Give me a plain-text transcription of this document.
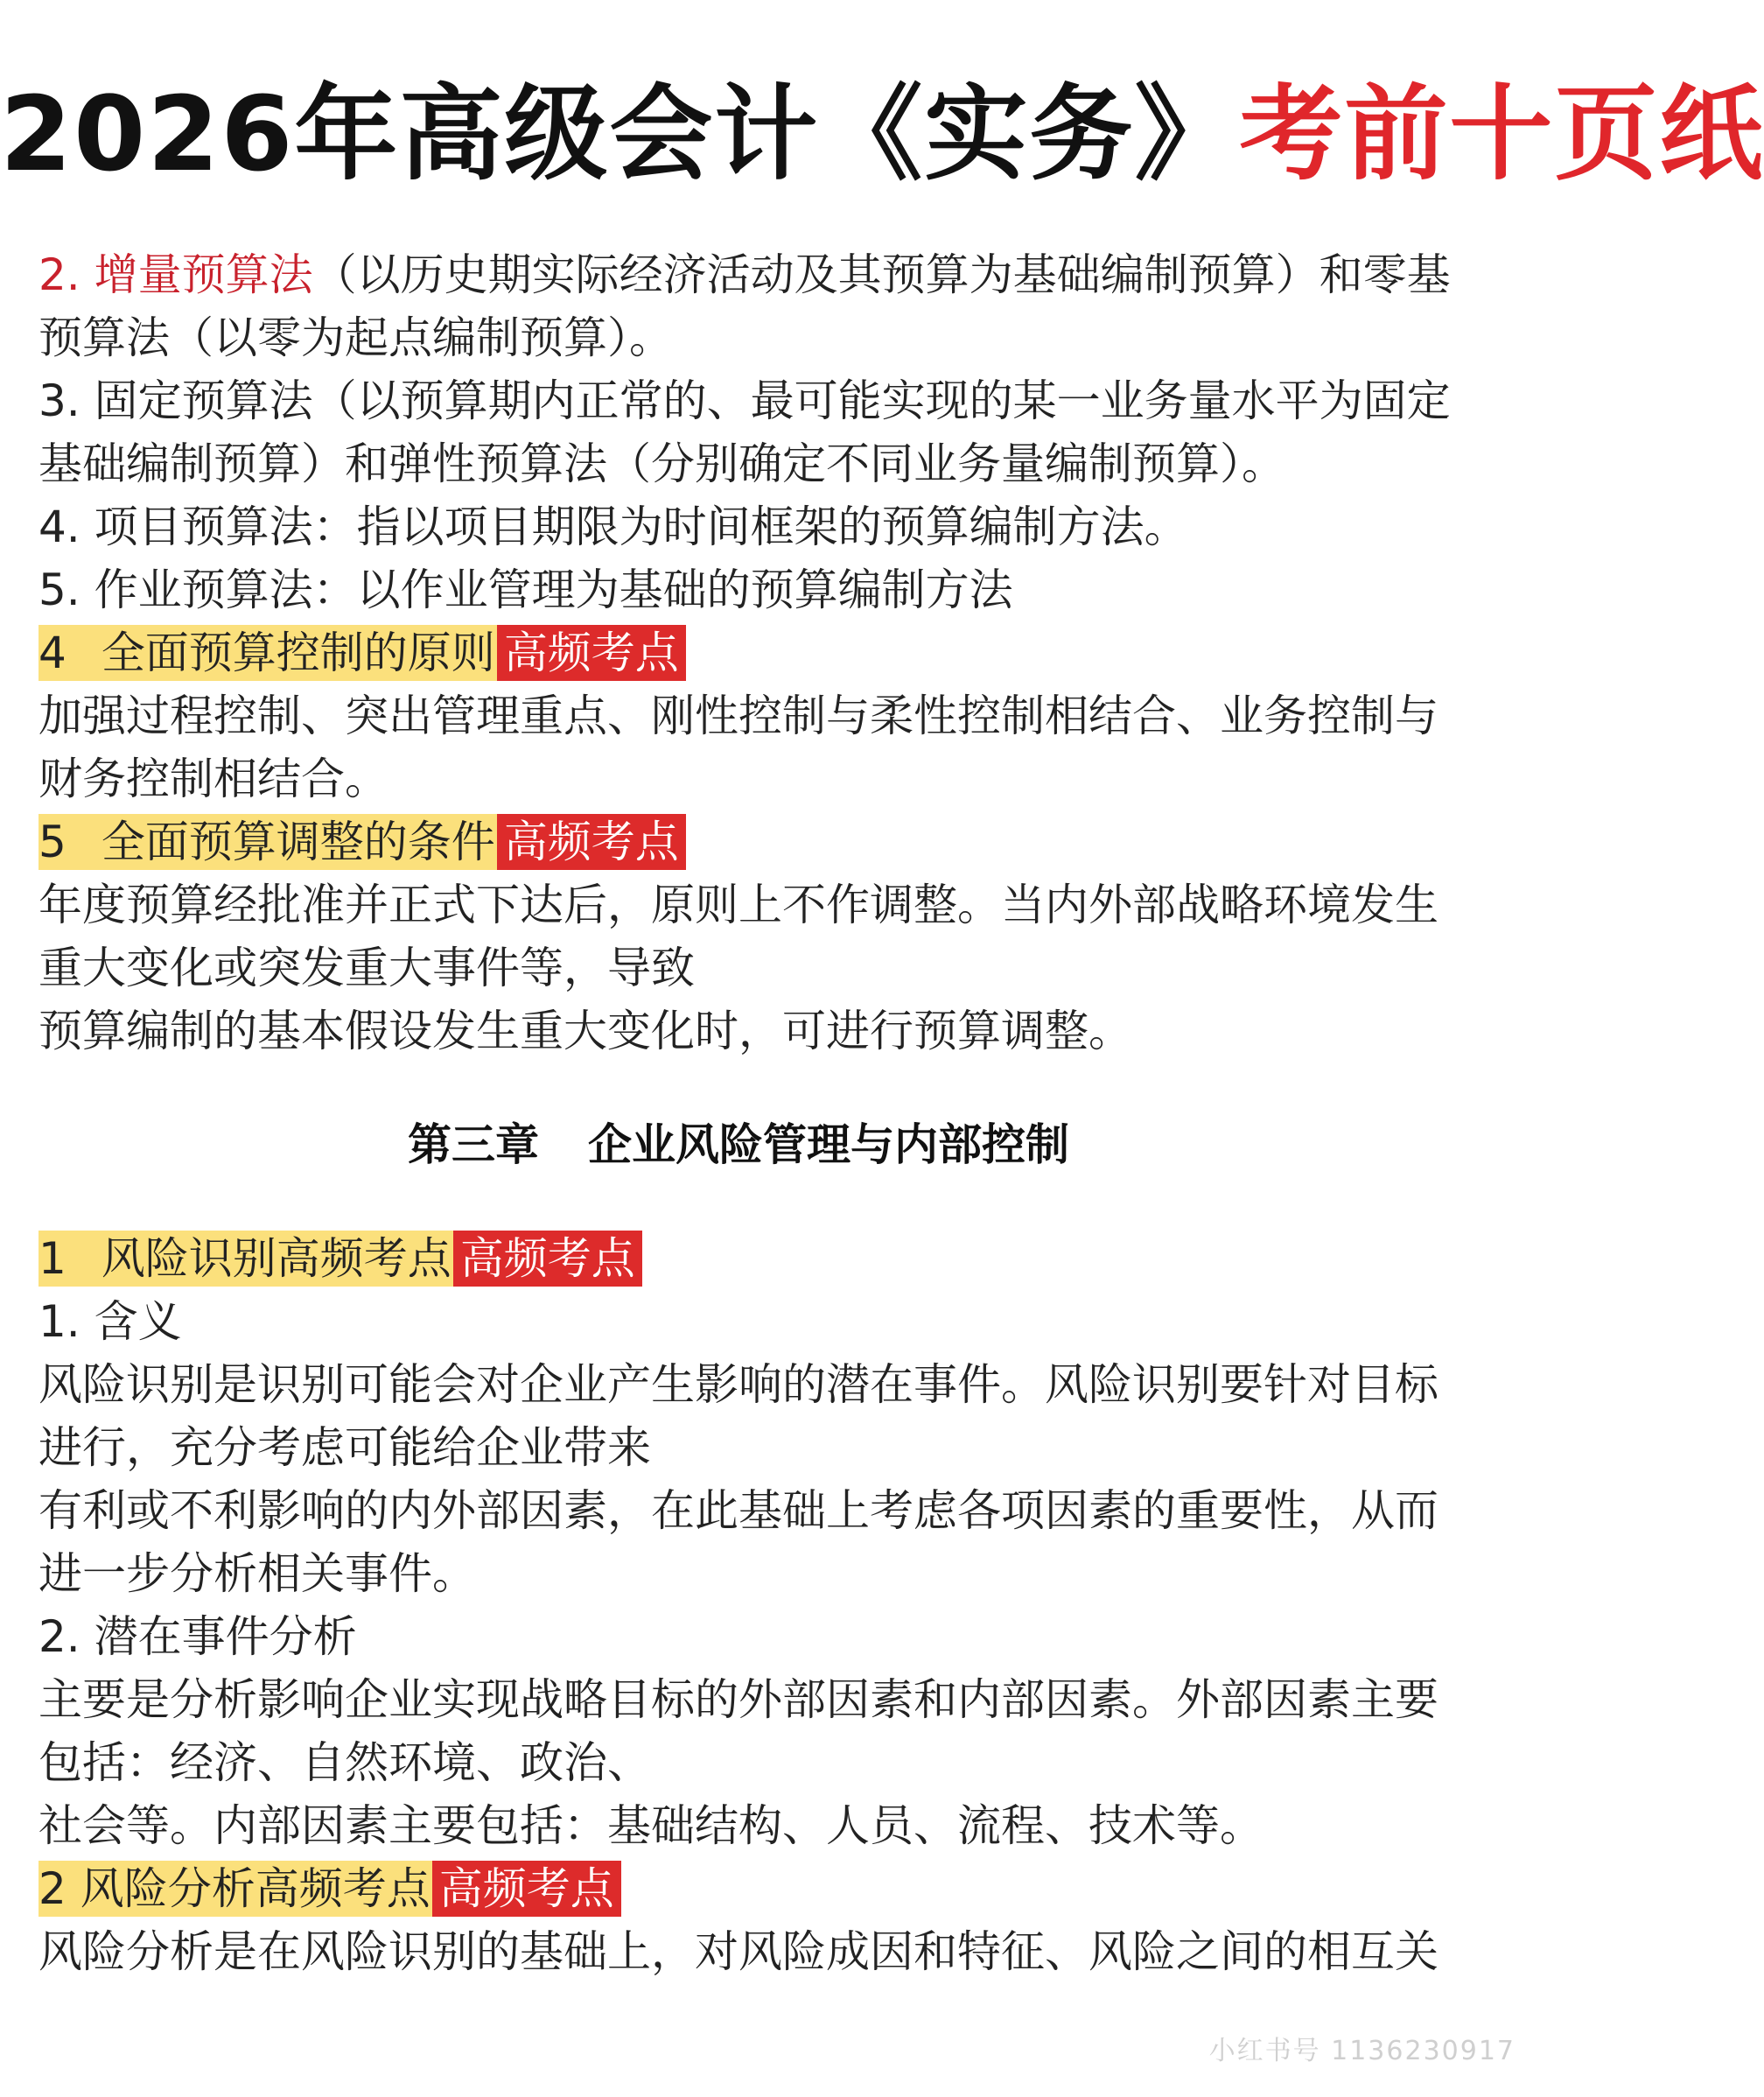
2026年高级会计《实务》考前十页纸
2. 增量预算法（以历史期实际经济活动及其预算为基础编制预算）和零基
预算法（以零为起点编制预算）。
3. 固定预算法（以预算期内正常的、最可能实现的某一业务量水平为固定
基础编制预算）和弹性预算法（分别确定不同业务量编制预算）。
4. 项目预算法：指以项目期限为时间框架的预算编制方法。
5. 作业预算法：以作业管理为基础的预算编制方法
4 全面预算控制的原则 高频考点
加强过程控制、突出管理重点、刚性控制与柔性控制相结合、业务控制与
财务控制相结合。
5 全面预算调整的条件 高频考点
年度预算经批准并正式下达后，原则上不作调整。当内外部战略环境发生
重大变化或突发重大事件等，导致
预算编制的基本假设发生重大变化时，可进行预算调整。
第三章 企业风险管理与内部控制
1 风险识别高频考点 高频考点
1. 含义
风险识别是识别可能会对企业产生影响的潜在事件。风险识别要针对目标
进行，充分考虑可能给企业带来
有利或不利影响的内外部因素，在此基础上考虑各项因素的重要性，从而
进一步分析相关事件。
2. 潜在事件分析
主要是分析影响企业实现战略目标的外部因素和内部因素。外部因素主要
包括：经济、自然环境、政治、
社会等。内部因素主要包括：基础结构、人员、流程、技术等。
2 风险分析高频考点 高频考点
风险分析是在风险识别的基础上，对风险成因和特征、风险之间的相互关
小红书号 1136230917
